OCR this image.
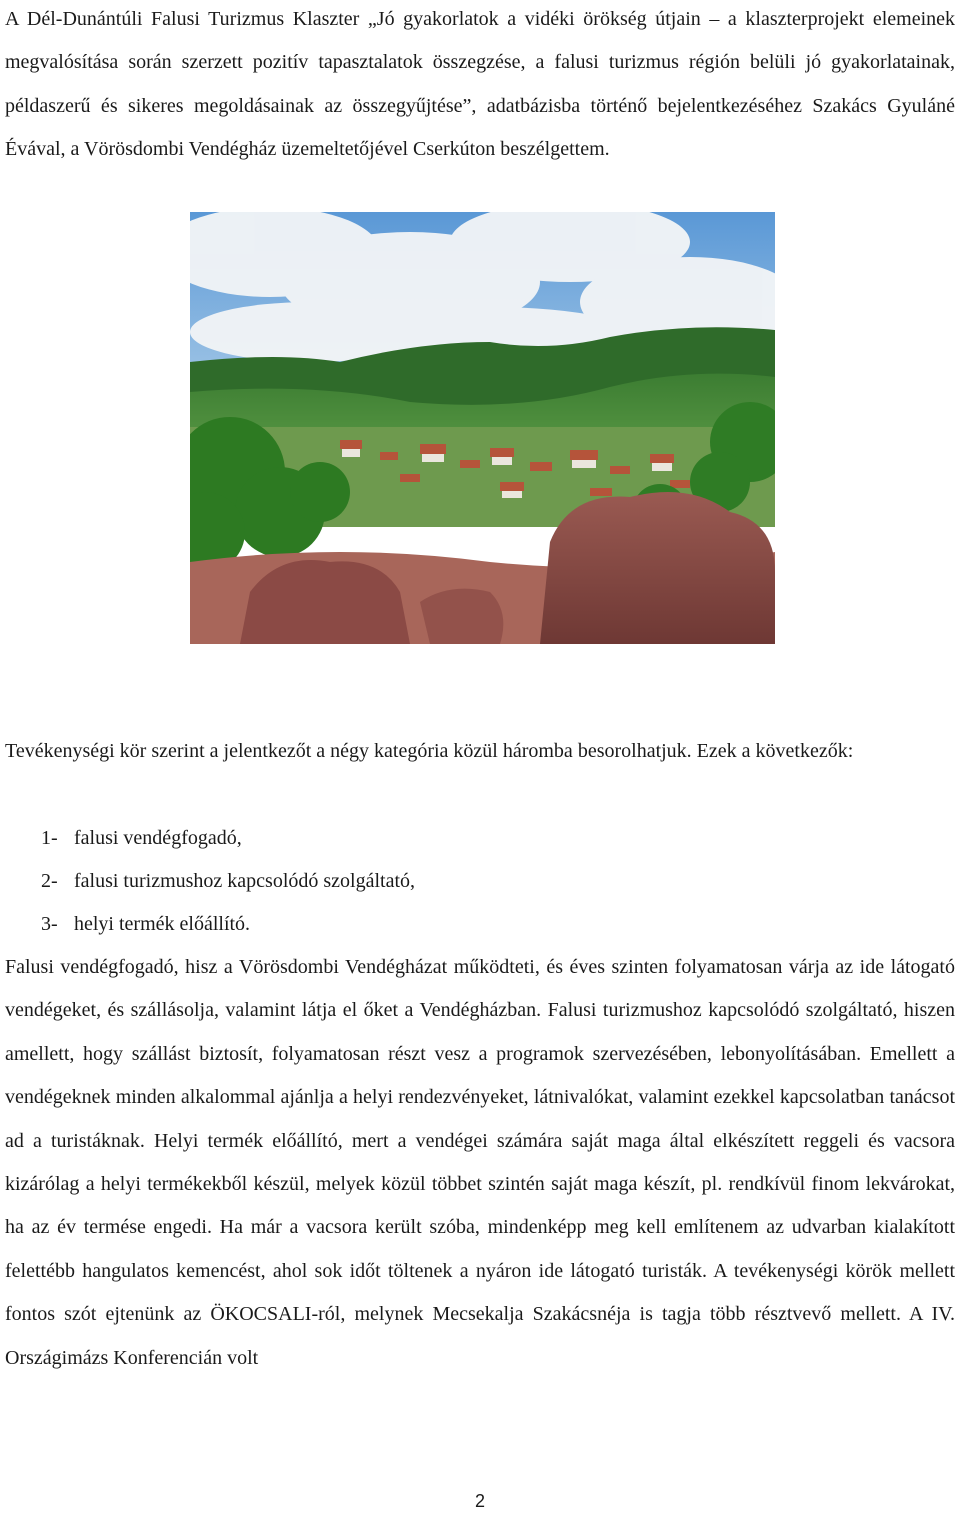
A Dél-Dunántúli Falusi Turizmus Klaszter „Jó gyakorlatok a vidéki örökség útjain – a klaszterprojekt elemeinek megvalósítása során szerzett pozitív tapasztalatok összegzése, a falusi turizmus régión belüli jó gyakorlatainak, példaszerű és sikeres megoldásainak az összegyűjtése”, adatbázisba történő bejelentkezéséhez Szakács Gyuláné Évával, a Vörösdombi Vendégház üzemeltetőjével Cserkúton beszélgettem.

Tevékenységi kör szerint a jelentkezőt a négy kategória közül háromba besorolhatjuk. Ezek a következők:

1- falusi vendégfogadó,

2- falusi turizmushoz kapcsolódó szolgáltató,

3- helyi termék előállító.

Falusi vendégfogadó, hisz a Vörösdombi Vendégházat működteti, és éves szinten folyamatosan várja az ide látogató vendégeket, és szállásolja, valamint látja el őket a Vendégházban. Falusi turizmushoz kapcsolódó szolgáltató, hiszen amellett, hogy szállást biztosít, folyamatosan részt vesz a programok szervezésében, lebonyolításában. Emellett a vendégeknek minden alkalommal ajánlja a helyi rendezvényeket, látnivalókat, valamint ezekkel kapcsolatban tanácsot ad a turistáknak. Helyi termék előállító, mert a vendégei számára saját maga által elkészített reggeli és vacsora kizárólag a helyi termékekből készül, melyek közül többet szintén saját maga készít, pl. rendkívül finom lekvárokat, ha az év termése engedi. Ha már a vacsora került szóba, mindenképp meg kell említenem az udvarban kialakított felettébb hangulatos kemencést, ahol sok időt töltenek a nyáron ide látogató turisták. A tevékenységi körök mellett fontos szót ejtenünk az ÖKOCSALI-ról, melynek Mecsekalja Szakácsnéja is tagja több résztvevő mellett. A IV. Országimázs Konferencián volt

2
